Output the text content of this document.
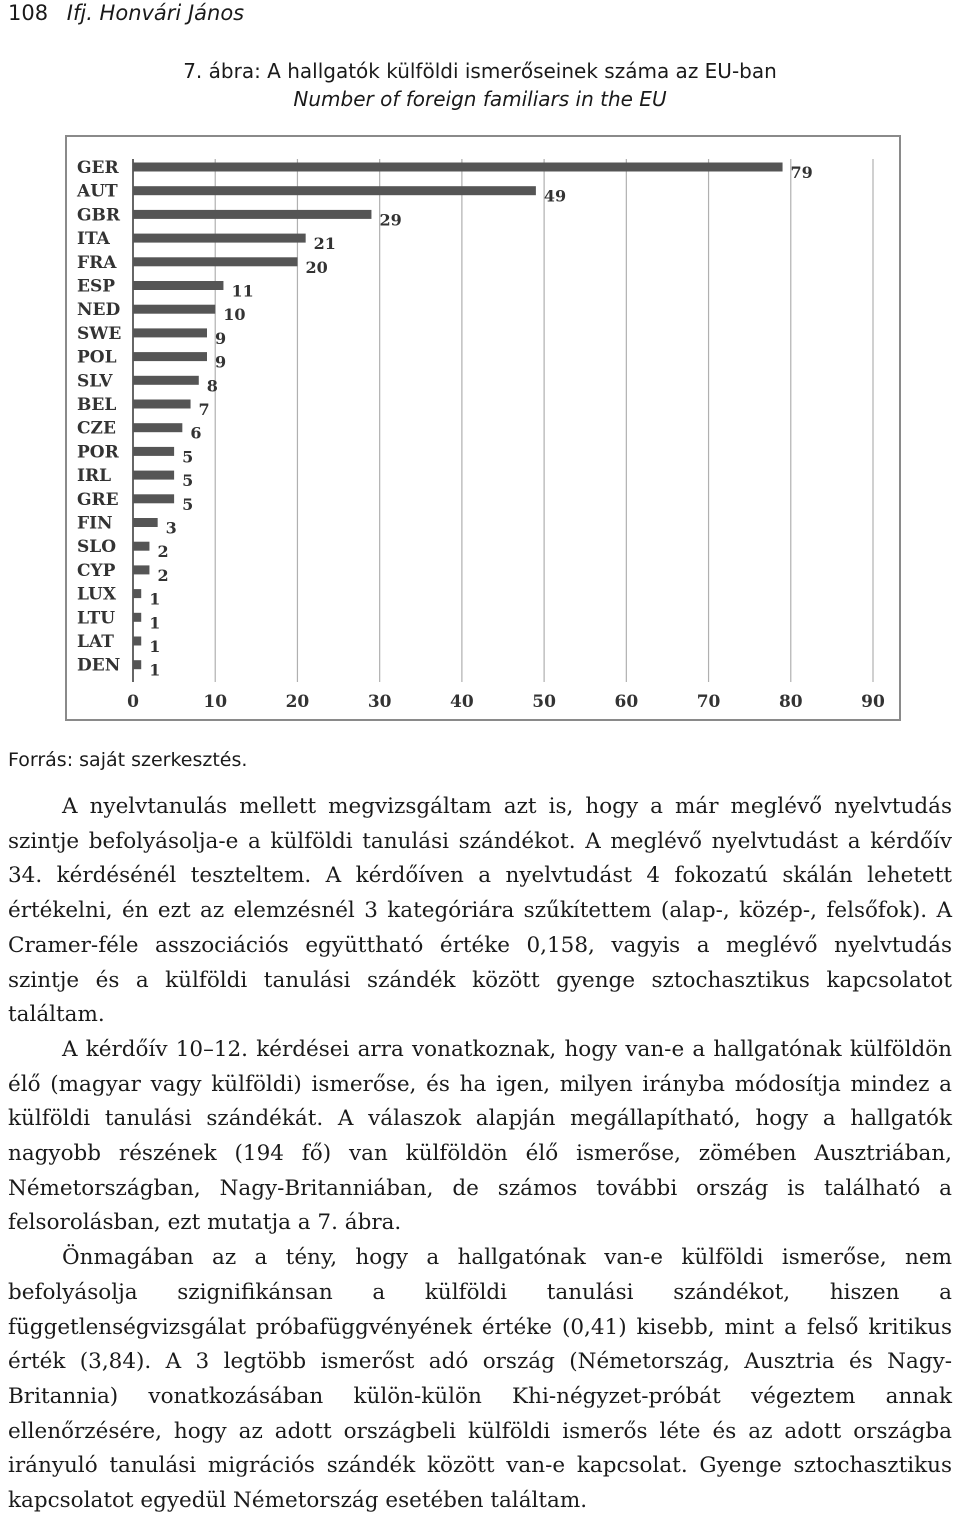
108 Ifj. Honvári János
7. ábra: A hallgatók külföldi ismerőseinek száma az EU-ban
Number of foreign familiars in the EU
0	10	20	30	40	50	60	70	80	90
GER	79
AUT	49
GBR	29
ITA	21
FRA	20
ESP	11
NED	10
SWE	9
POL	9
SLV	8
BEL	7
CZE	6
POR	5
IRL	5
GRE	5
FIN	3
SLO	2
CYP	2
LUX 1
LTU 1
LAT 1
DEN 1
Forrás: saját szerkesztés.

A nyelvtanulás mellett megvizsgáltam azt is, hogy a már meglévő nyelvtudás szintje befolyásolja-e a külföldi tanulási szándékot. A meglévő nyelvtudást a kérdőív 34. kérdésénél teszteltem. A kérdőíven a nyelvtudást 4 fokozatú skálán lehetett értékelni, én ezt az elemzésnél 3 kategóriára szűkítettem (alap-, közép-, felsőfok). A Cramer-féle asszociációs együttható értéke 0,158, vagyis a meglévő nyelvtudás szintje és a külföldi tanulási szándék között gyenge sztochasztikus kapcsolatot találtam.

A kérdőív 10–12. kérdései arra vonatkoznak, hogy van-e a hallgatónak külföldön élő (magyar vagy külföldi) ismerőse, és ha igen, milyen irányba módosítja mindez a külföldi tanulási szándékát. A válaszok alapján megállapítható, hogy a hallgatók nagyobb részének (194 fő) van külföldön élő ismerőse, zömében Ausztriában, Németországban, Nagy-Britanniában, de számos további ország is található a felsorolásban, ezt mutatja a 7. ábra.

Önmagában az a tény, hogy a hallgatónak van-e külföldi ismerőse, nem befolyásolja szignifikánsan a külföldi tanulási szándékot, hiszen a függetlenségvizsgálat próbafüggvényének értéke (0,41) kisebb, mint a felső kritikus érték (3,84). A 3 legtöbb ismerőst adó ország (Németország, Ausztria és Nagy-Britannia) vonatkozásában külön-külön Khi-négyzet-próbát végeztem annak ellenőrzésére, hogy az adott országbeli külföldi ismerős léte és az adott országba irányuló tanulási migrációs szándék között van-e kapcsolat. Gyenge sztochasztikus kapcsolatot egyedül Németország esetében találtam.
